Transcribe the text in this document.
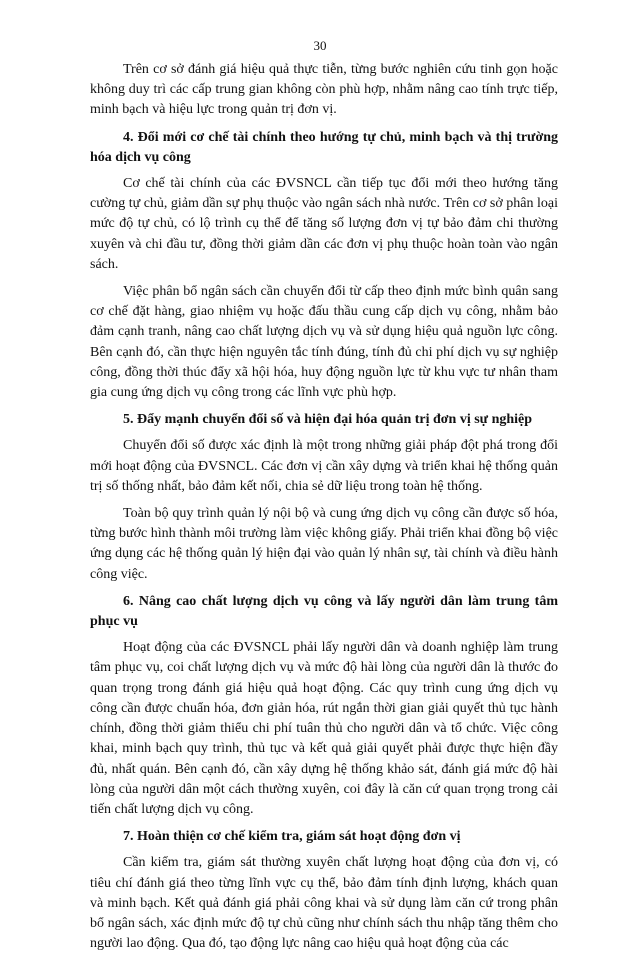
30

Trên cơ sở đánh giá hiệu quả thực tiễn, từng bước nghiên cứu tinh gọn hoặc không duy trì các cấp trung gian không còn phù hợp, nhằm nâng cao tính trực tiếp, minh bạch và hiệu lực trong quản trị đơn vị.

4. Đổi mới cơ chế tài chính theo hướng tự chủ, minh bạch và thị trường hóa dịch vụ công

Cơ chế tài chính của các ĐVSNCL cần tiếp tục đổi mới theo hướng tăng cường tự chủ, giảm dần sự phụ thuộc vào ngân sách nhà nước. Trên cơ sở phân loại mức độ tự chủ, có lộ trình cụ thể để tăng số lượng đơn vị tự bảo đảm chi thường xuyên và chi đầu tư, đồng thời giảm dần các đơn vị phụ thuộc hoàn toàn vào ngân sách.

Việc phân bổ ngân sách cần chuyển đổi từ cấp theo định mức bình quân sang cơ chế đặt hàng, giao nhiệm vụ hoặc đấu thầu cung cấp dịch vụ công, nhằm bảo đảm cạnh tranh, nâng cao chất lượng dịch vụ và sử dụng hiệu quả nguồn lực công. Bên cạnh đó, cần thực hiện nguyên tắc tính đúng, tính đủ chi phí dịch vụ sự nghiệp công, đồng thời thúc đẩy xã hội hóa, huy động nguồn lực từ khu vực tư nhân tham gia cung ứng dịch vụ công trong các lĩnh vực phù hợp.

5. Đẩy mạnh chuyển đổi số và hiện đại hóa quản trị đơn vị sự nghiệp

Chuyển đổi số được xác định là một trong những giải pháp đột phá trong đổi mới hoạt động của ĐVSNCL. Các đơn vị cần xây dựng và triển khai hệ thống quản trị số thống nhất, bảo đảm kết nối, chia sẻ dữ liệu trong toàn hệ thống.

Toàn bộ quy trình quản lý nội bộ và cung ứng dịch vụ công cần được số hóa, từng bước hình thành môi trường làm việc không giấy. Phải triển khai đồng bộ việc ứng dụng các hệ thống quản lý hiện đại vào quản lý nhân sự, tài chính và điều hành công việc.

6. Nâng cao chất lượng dịch vụ công và lấy người dân làm trung tâm phục vụ

Hoạt động của các ĐVSNCL phải lấy người dân và doanh nghiệp làm trung tâm phục vụ, coi chất lượng dịch vụ và mức độ hài lòng của người dân là thước đo quan trọng trong đánh giá hiệu quả hoạt động. Các quy trình cung ứng dịch vụ công cần được chuẩn hóa, đơn giản hóa, rút ngắn thời gian giải quyết thủ tục hành chính, đồng thời giảm thiểu chi phí tuân thủ cho người dân và tổ chức. Việc công khai, minh bạch quy trình, thủ tục và kết quả giải quyết phải được thực hiện đầy đủ, nhất quán. Bên cạnh đó, cần xây dựng hệ thống khảo sát, đánh giá mức độ hài lòng của người dân một cách thường xuyên, coi đây là căn cứ quan trọng trong cải tiến chất lượng dịch vụ công.

7. Hoàn thiện cơ chế kiểm tra, giám sát hoạt động đơn vị

Cần kiểm tra, giám sát thường xuyên chất lượng hoạt động của đơn vị, có tiêu chí đánh giá theo từng lĩnh vực cụ thể, bảo đảm tính định lượng, khách quan và minh bạch. Kết quả đánh giá phải công khai và sử dụng làm căn cứ trong phân bổ ngân sách, xác định mức độ tự chủ cũng như chính sách thu nhập tăng thêm cho người lao động. Qua đó, tạo động lực nâng cao hiệu quả hoạt động của các
